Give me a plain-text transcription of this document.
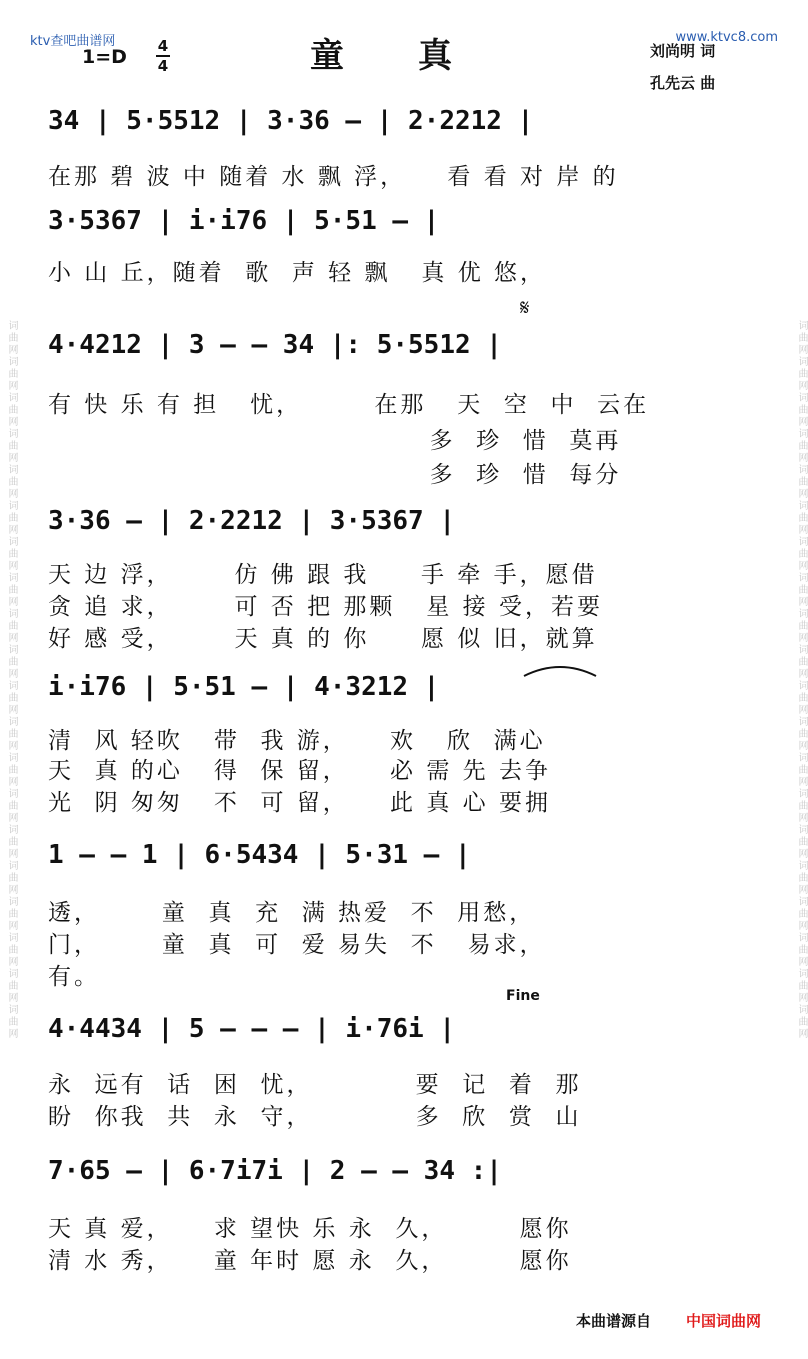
词曲网词曲网词曲网词曲网词曲网词曲网词曲网词曲网词曲网词曲网词曲网词曲网词曲网词曲网词曲网词曲网词曲网词曲网词曲网词曲网	词曲网词曲网词曲网词曲网词曲网词曲网词曲网词曲网词曲网词曲网词曲网词曲网词曲网词曲网词曲网词曲网词曲网词曲网词曲网词曲网
ktv查吧曲谱网	www.ktvc8.com
1=D 4
4	童真	刘尚明 词
孔先云 曲
𝄋
Fine

34 | 5·5512 | 3·36 — | 2·2212 |

在那 碧 波 中 随着 水 飘 浮，    看 看 对 岸 的

3·5367 | i·i76 | 5·51 — |

小 山 丘，随着  歌  声 轻 飘   真 优 悠，

4·4212 | 3 — — 34 |: 5·5512 |

有 快 乐 有 担   忧，       在那   天  空  中  云在
多  珍  惜  莫再
多  珍  惜  每分

3·36 — | 2·2212 | 3·5367 |

天 边 浮，      仿 佛 跟 我     手 牵 手，愿借
贪 追 求，      可 否 把 那颗   星 接 受，若要
好 感 受，      天 真 的 你     愿 似 旧，就算

i·i76 | 5·51 — | 4·3212 |

清  风 轻吹   带  我 游，    欢   欣  满心
天  真 的心   得  保 留，    必 需 先 去争
光  阴 匆匆   不  可 留，    此 真 心 要拥

1 — — 1 | 6·5434 | 5·31 — |

透，      童  真  充  满 热爱  不  用愁，
门，      童  真  可  爱 易失  不   易求，
有。

4·4434 | 5 — — — | i·76i |

永  远有  话  困  忧，          要  记  着  那
盼  你我  共  永  守，          多  欣  赏  山

7·65 — | 6·7i7i | 2 — — 34 :|

天 真 爱，    求 望快 乐 永  久，       愿你
清 水 秀，    童 年时 愿 永  久，       愿你
本曲谱源自 中国词曲网
